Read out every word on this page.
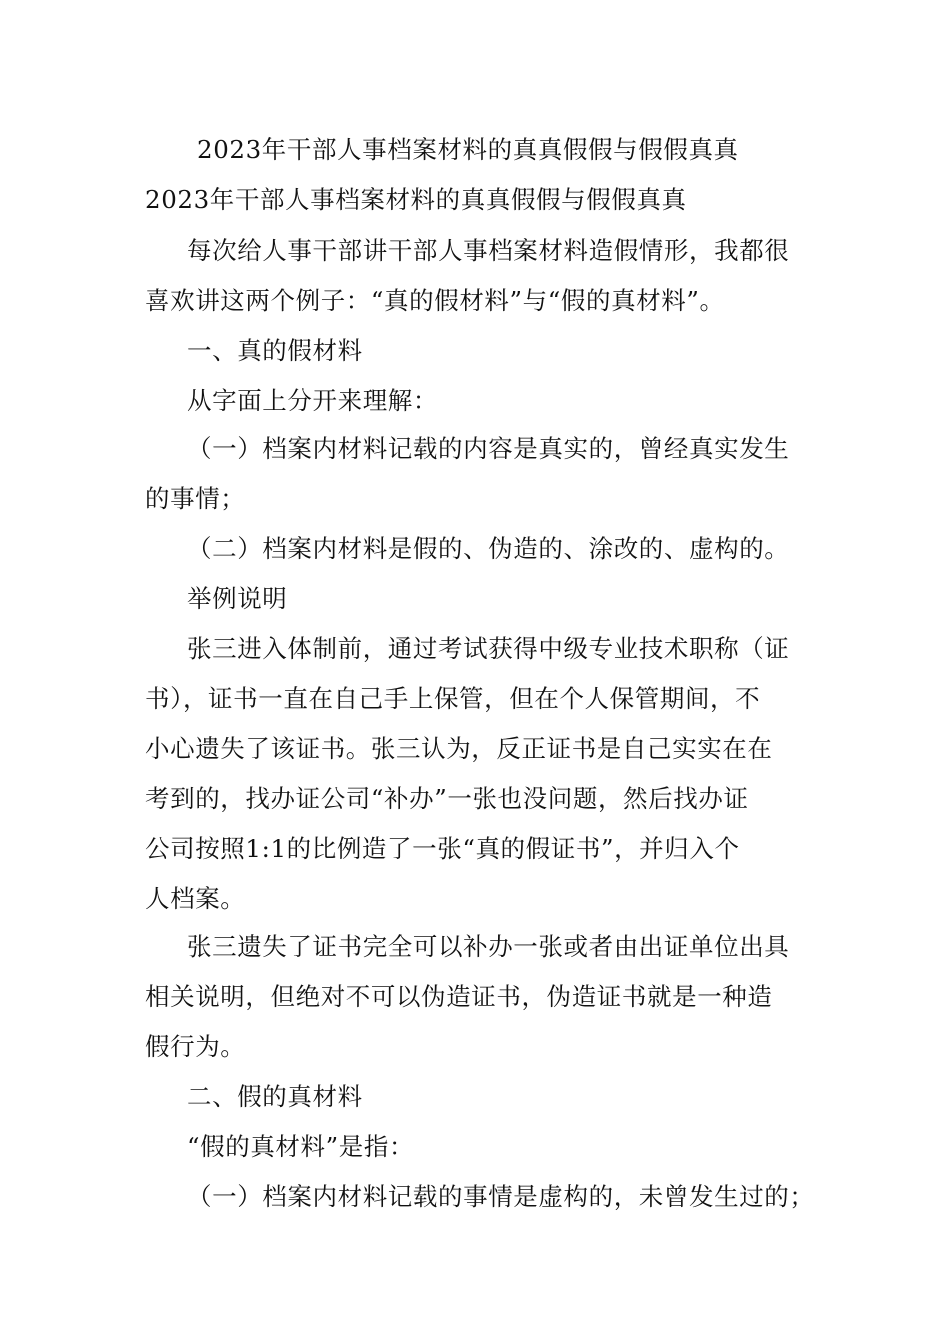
2023年干部人事档案材料的真真假假与假假真真
2023年干部人事档案材料的真真假假与假假真真
每次给人事干部讲干部人事档案材料造假情形，我都很
喜欢讲这两个例子：“真的假材料”与“假的真材料”。
一、真的假材料
从字面上分开来理解：
（一）档案内材料记载的内容是真实的，曾经真实发生
的事情；
（二）档案内材料是假的、伪造的、涂改的、虚构的。
举例说明
张三进入体制前，通过考试获得中级专业技术职称（证
书），证书一直在自己手上保管，但在个人保管期间，不
小心遗失了该证书。张三认为，反正证书是自己实实在在
考到的，找办证公司“补办”一张也没问题，然后找办证
公司按照1:1的比例造了一张“真的假证书”，并归入个
人档案。
张三遗失了证书完全可以补办一张或者由出证单位出具
相关说明，但绝对不可以伪造证书，伪造证书就是一种造
假行为。
二、假的真材料
“假的真材料”是指：
（一）档案内材料记载的事情是虚构的，未曾发生过的；
